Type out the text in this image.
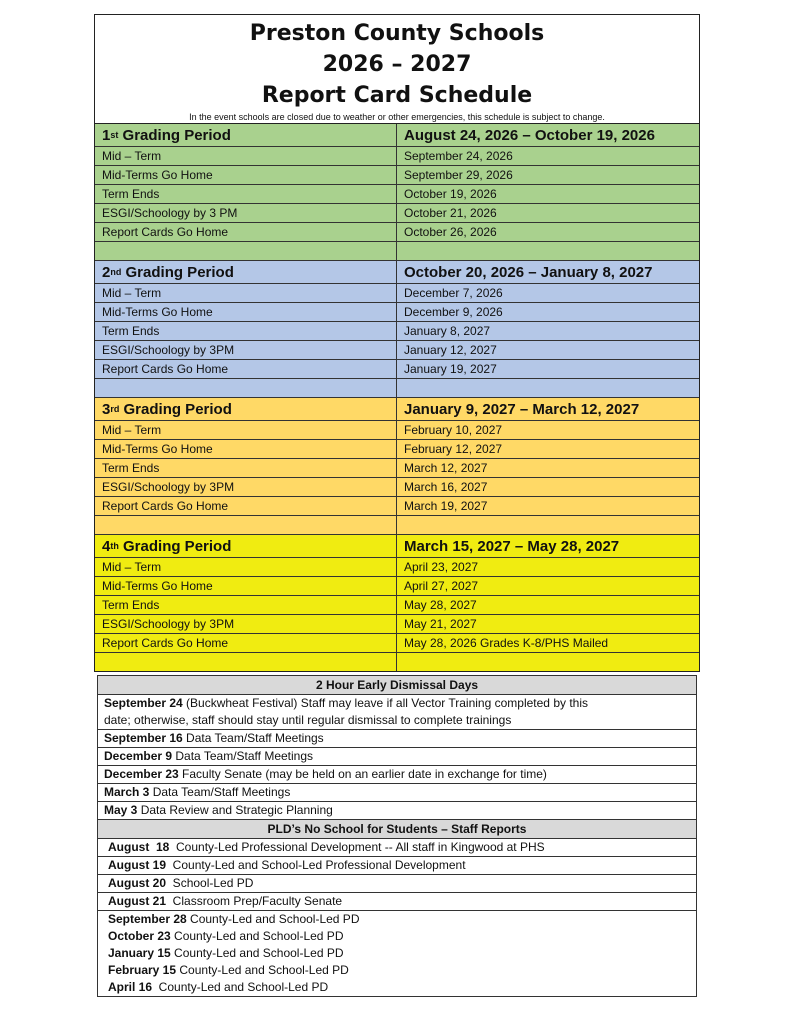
Preston County Schools
2026 – 2027
Report Card Schedule
In the event schools are closed due to weather or other emergencies, this schedule is subject to change.
1 st
Grading Period	August 24, 2026 – October 19, 2026
Mid – Term	September 24, 2026
Mid-Terms Go Home	September 29, 2026
Term Ends	October 19, 2026
ESGI/Schoology by 3 PM	October 21, 2026
Report Cards Go Home	October 26, 2026
2 nd
Grading Period	October 20, 2026 – January 8, 2027
Mid – Term	December 7, 2026
Mid-Terms Go Home	December 9, 2026
Term Ends	January 8, 2027
ESGI/Schoology by 3PM	January 12, 2027
Report Cards Go Home	January 19, 2027
3 rd
Grading Period	January 9, 2027 – March 12, 2027
Mid – Term	February 10, 2027
Mid-Terms Go Home	February 12, 2027
Term Ends	March 12, 2027
ESGI/Schoology by 3PM	March 16, 2027
Report Cards Go Home	March 19, 2027
4 th
Grading Period	March 15, 2027 – May 28, 2027
Mid – Term	April 23, 2027
Mid-Terms Go Home	April 27, 2027
Term Ends	May 28, 2027
ESGI/Schoology by 3PM	May 21, 2027
Report Cards Go Home	May 28, 2026 Grades K-8/PHS Mailed
2 Hour Early Dismissal Days
September 24 (Buckwheat Festival) Staff may leave if all Vector Training completed by this
date; otherwise, staff should stay until regular dismissal to complete trainings
September 16 Data Team/Staff Meetings
December 9 Data Team/Staff Meetings
December 23 Faculty Senate (may be held on an earlier date in exchange for time)
March 3 Data Team/Staff Meetings
May 3 Data Review and Strategic Planning
PLD’s No School for Students – Staff Reports
August  18  County-Led Professional Development -- All staff in Kingwood at PHS
August 19  County-Led and School-Led Professional Development
August 20  School-Led PD
August 21  Classroom Prep/Faculty Senate
September 28 County-Led and School-Led PD
October 23 County-Led and School-Led PD
January 15 County-Led and School-Led PD
February 15 County-Led and School-Led PD
April 16  County-Led and School-Led PD
